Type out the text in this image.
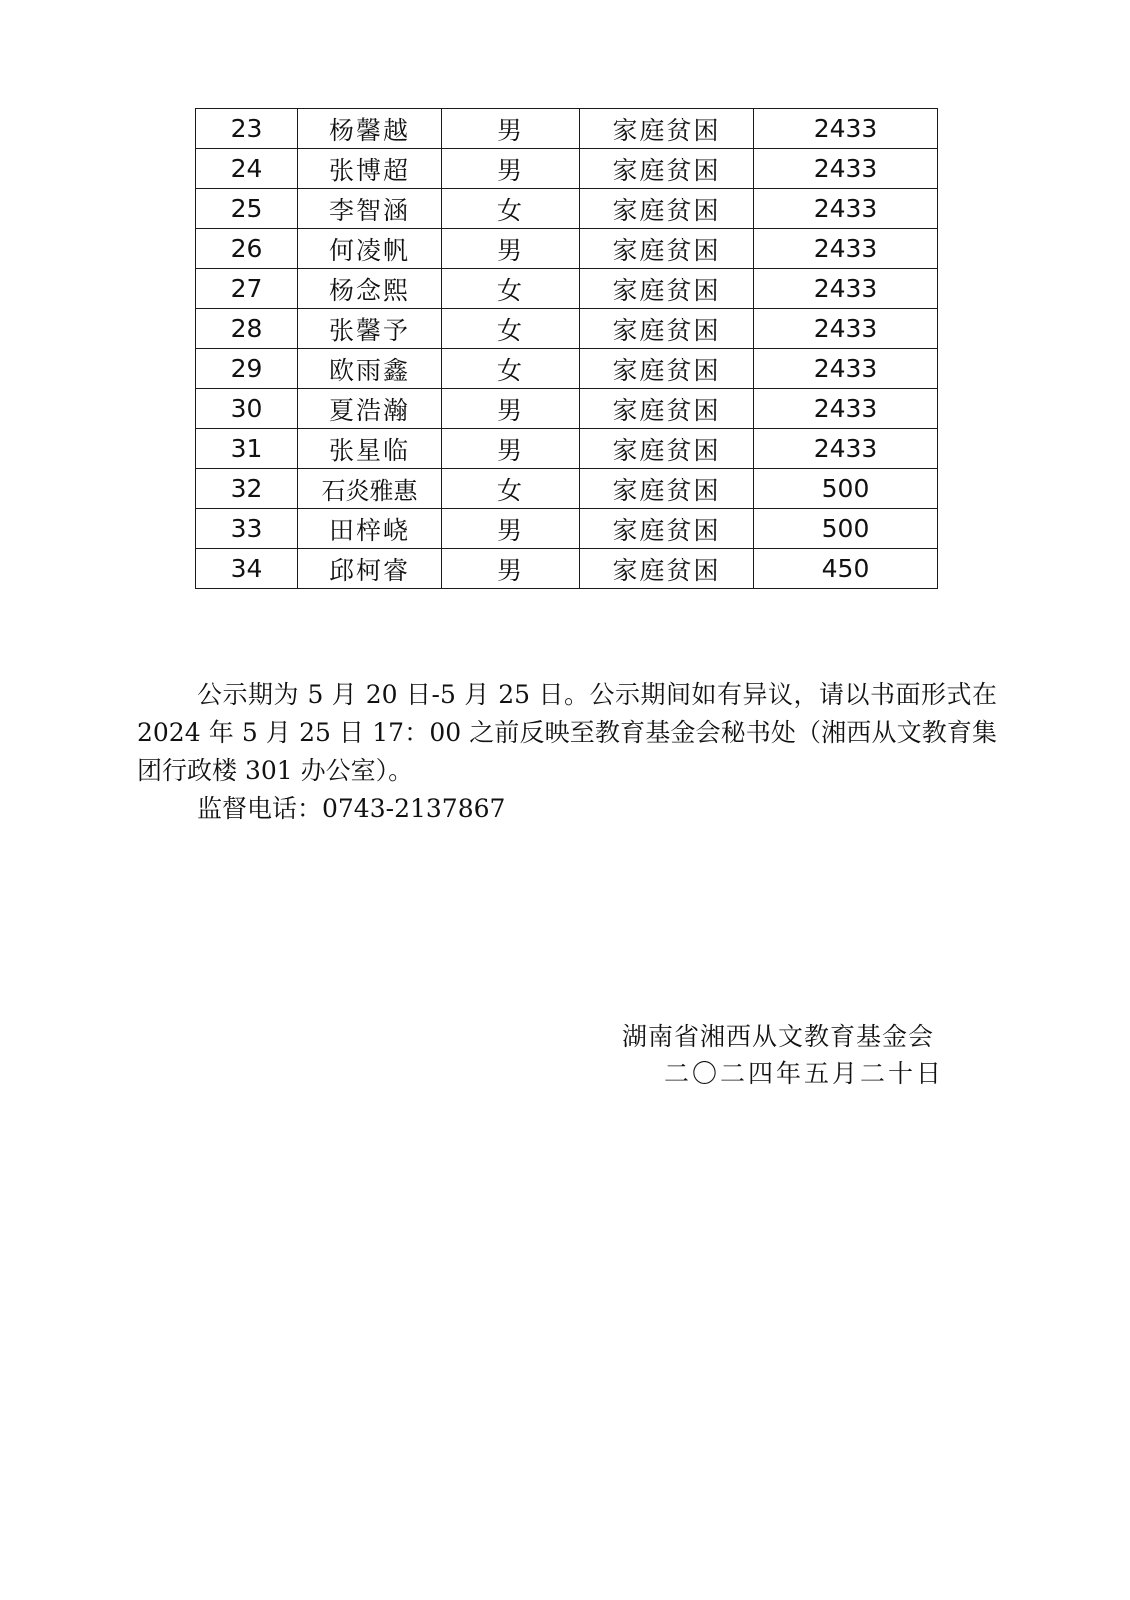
23	杨馨越	男	家庭贫困	2433
24	张博超	男	家庭贫困	2433
25	李智涵	女	家庭贫困	2433
26	何凌帆	男	家庭贫困	2433
27	杨念熙	女	家庭贫困	2433
28	张馨予	女	家庭贫困	2433
29	欧雨鑫	女	家庭贫困	2433
30	夏浩瀚	男	家庭贫困	2433
31	张星临	男	家庭贫困	2433
32	石炎雅惠	女	家庭贫困	500
33	田梓峣	男	家庭贫困	500
34	邱柯睿	男	家庭贫困	450

公示期为 5 月 20 日-5 月 25 日。公示期间如有异议，请以书面形式在 2024 年 5 月 25 日 17：00 之前反映至教育基金会秘书处（湘西从文教育集团行政楼 301 办公室）。

监督电话：0743-2137867

湖南省湘西从文教育基金会

二〇二四年五月二十日
